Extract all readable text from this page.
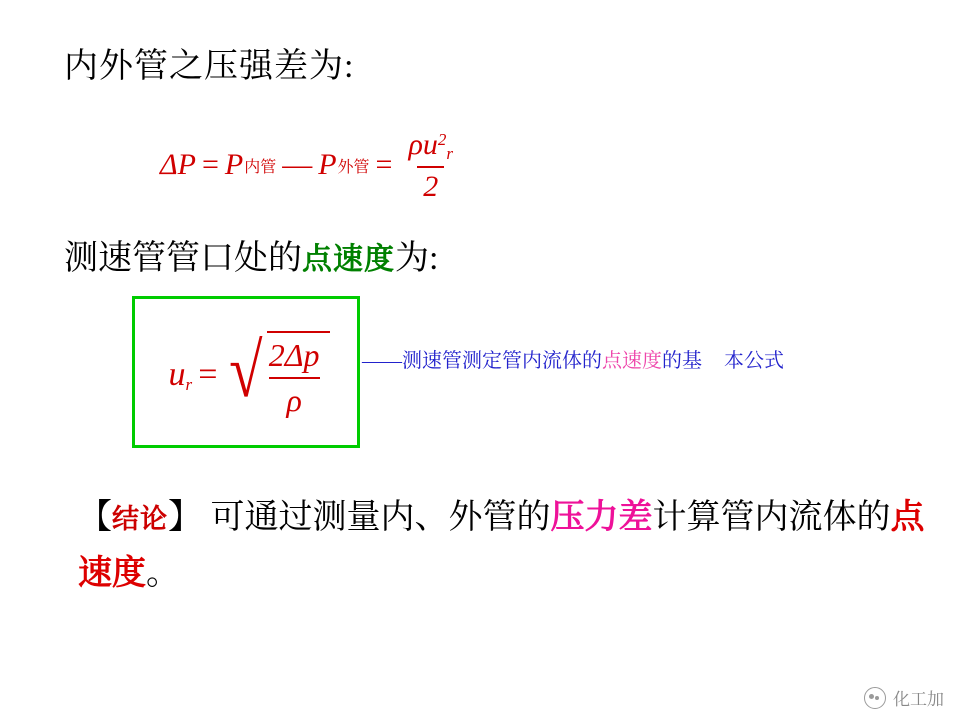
内外管之压强差为:
ΔP = P 内管 — P 外管 = $\frac{\rho u^2r}{2}$
测速管管口处的点速度为:
ur = √ $\frac{2\Delta p}{\rho}$ ——测速管测定管内流体的点速度的基 本公式
【结论】 可通过测量内、外管的压力差计算管内流体的点速度。
化工加
